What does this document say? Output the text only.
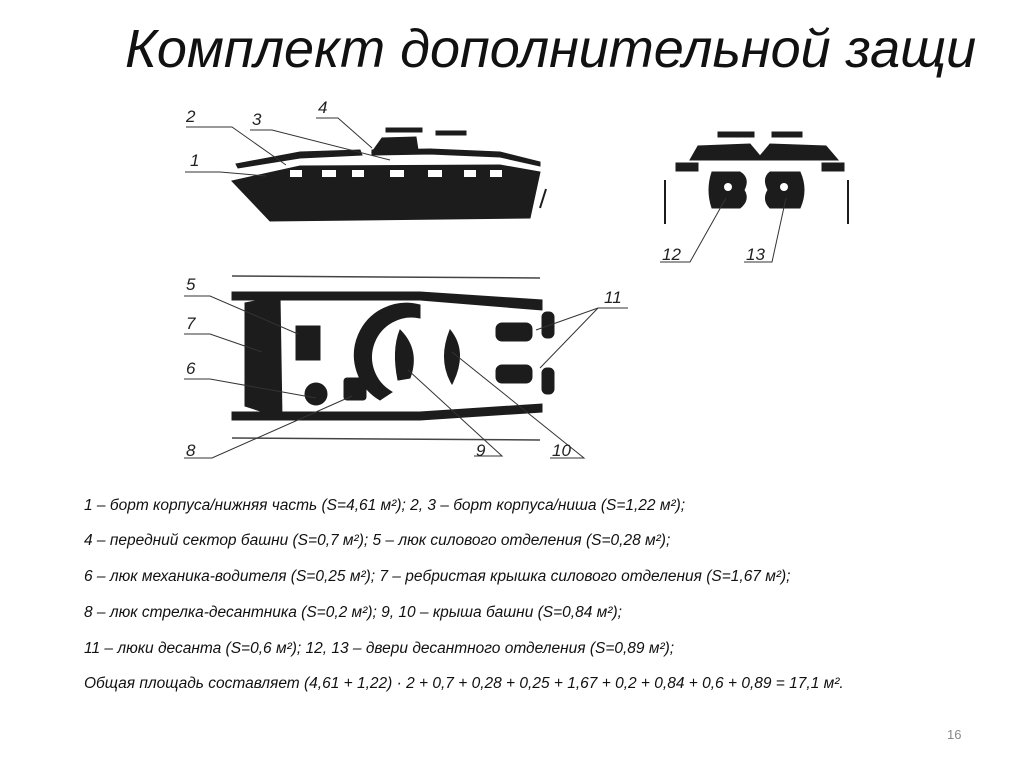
Комплект дополнительной защи
1
2	3
4
5
7
6
8	9	10
11
12	13
1 – борт корпуса/нижняя часть (S=4,61 м²); 2, 3 – борт корпуса/ниша (S=1,22 м²);
4 – передний сектор башни (S=0,7 м²); 5 – люк силового отделения (S=0,28 м²);
6 – люк механика-водителя (S=0,25 м²); 7 – ребристая крышка силового отделения (S=1,67 м²);
8 – люк стрелка-десантника (S=0,2 м²); 9, 10 – крыша башни (S=0,84 м²);
11 – люки десанта (S=0,6 м²); 12, 13 – двери десантного отделения (S=0,89 м²);
Общая площадь составляет (4,61 + 1,22) · 2 + 0,7 + 0,28 + 0,25 + 1,67 + 0,2 + 0,84 + 0,6 + 0,89 = 17,1 м².
16
